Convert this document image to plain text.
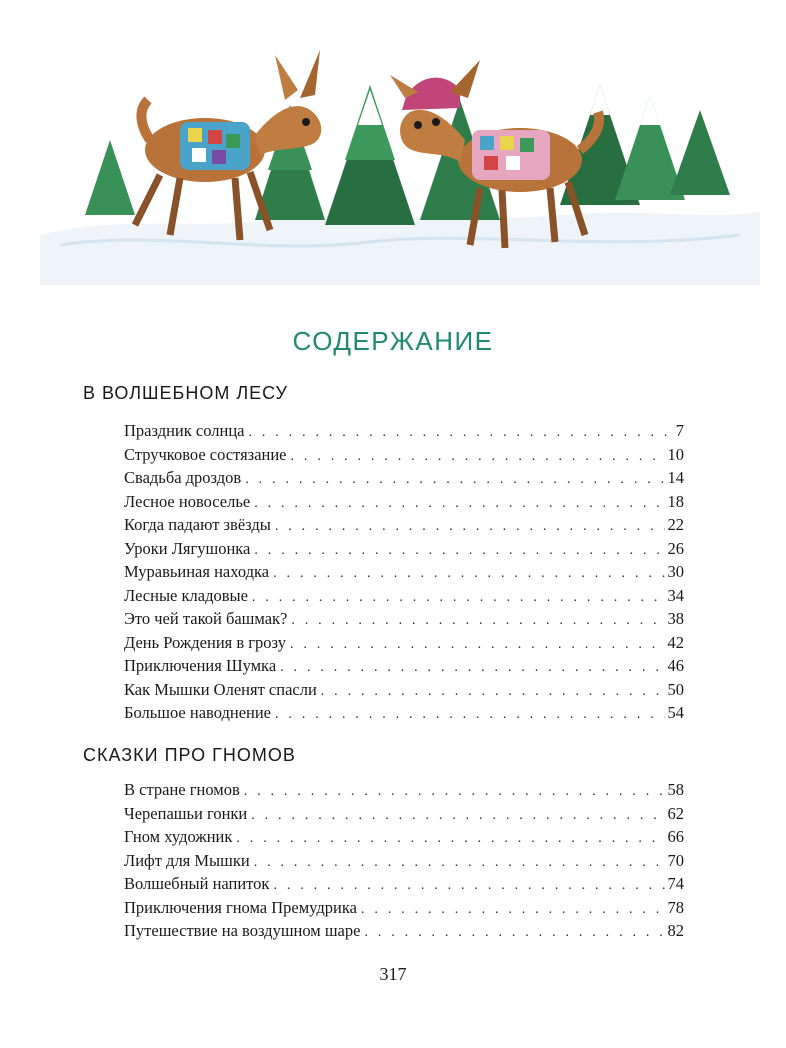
СОДЕРЖАНИЕ
В ВОЛШЕБНОМ ЛЕСУ
Праздник солнца . . .	7
Стручковое состязание . . .	10
Свадьба дроздов . . .	14
Лесное новоселье . . .	18
Когда падают звёзды . . .	22
Уроки Лягушонка . . .	26
Муравьиная находка . . .	30
Лесные кладовые . . .	34
Это чей такой башмак? . . .	38
День Рождения в грозу . . .	42
Приключения Шумка . . .	46
Как Мышки Оленят спасли . . .	50
Большое наводнение . . .	54
СКАЗКИ ПРО ГНОМОВ
В стране гномов . . .	58
Черепашьи гонки . . .	62
Гном художник . . .	66
Лифт для Мышки . . .	70
Волшебный напиток . . .	74
Приключения гнома Премудрика . . .	78
Путешествие на воздушном шаре . . .	82
317
